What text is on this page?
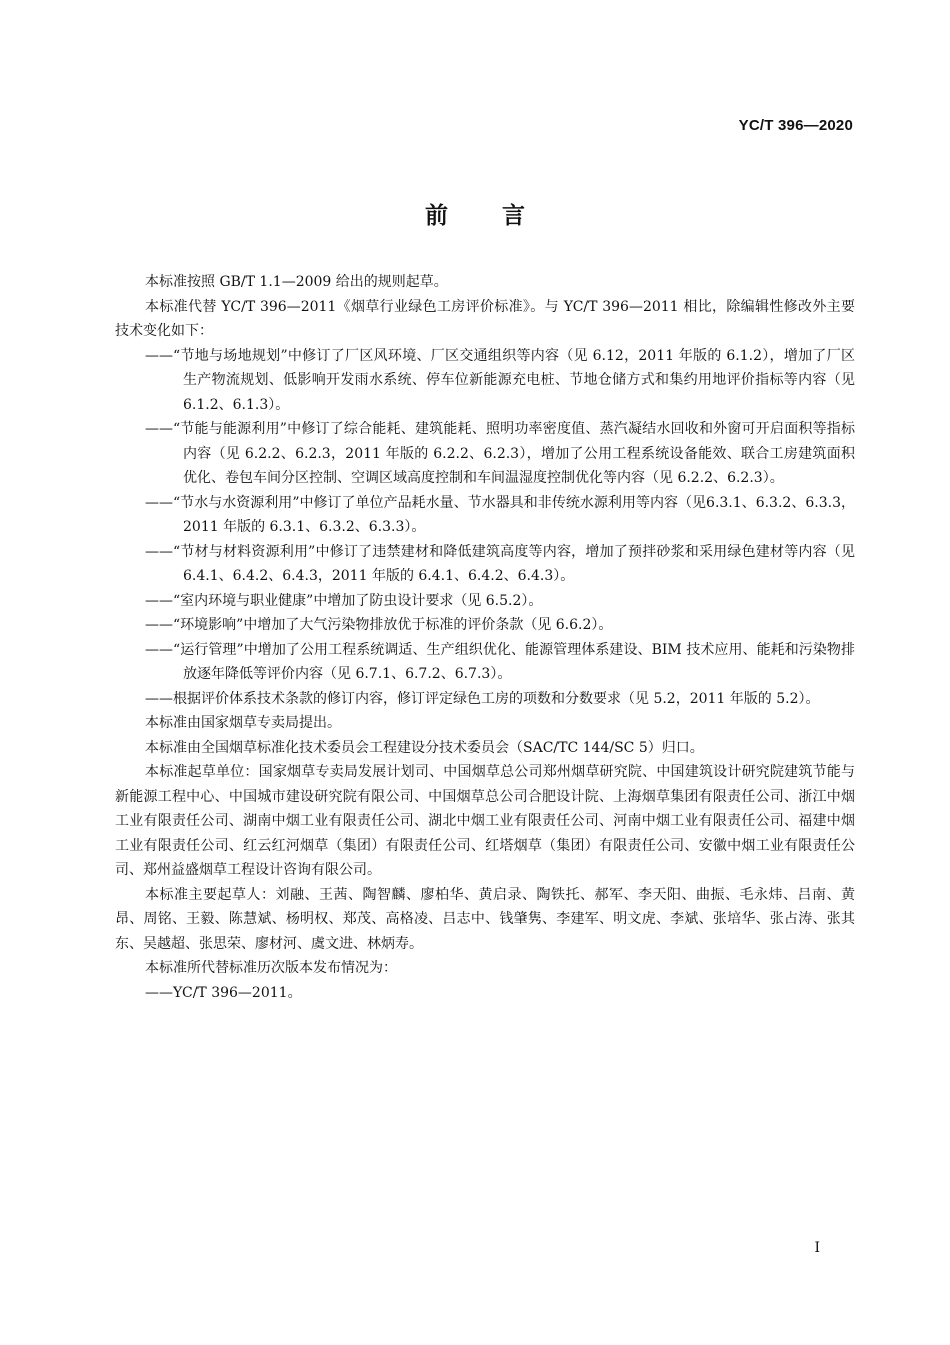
YC/T 396—2020
前言

本标准按照 GB/T 1.1—2009 给出的规则起草。

本标准代替 YC/T 396—2011《烟草行业绿色工房评价标准》。与 YC/T 396—2011 相比，除编辑性修改外主要技术变化如下：

——“节地与场地规划”中修订了厂区风环境、厂区交通组织等内容（见 6.12，2011 年版的 6.1.2），增加了厂区生产物流规划、低影响开发雨水系统、停车位新能源充电桩、节地仓储方式和集约用地评价指标等内容（见 6.1.2、6.1.3）。

——“节能与能源利用”中修订了综合能耗、建筑能耗、照明功率密度值、蒸汽凝结水回收和外窗可开启面积等指标内容（见 6.2.2、6.2.3，2011 年版的 6.2.2、6.2.3），增加了公用工程系统设备能效、联合工房建筑面积优化、卷包车间分区控制、空调区域高度控制和车间温湿度控制优化等内容（见 6.2.2、6.2.3）。

——“节水与水资源利用”中修订了单位产品耗水量、节水器具和非传统水源利用等内容（见6.3.1、6.3.2、6.3.3，2011 年版的 6.3.1、6.3.2、6.3.3）。

——“节材与材料资源利用”中修订了违禁建材和降低建筑高度等内容，增加了预拌砂浆和采用绿色建材等内容（见 6.4.1、6.4.2、6.4.3，2011 年版的 6.4.1、6.4.2、6.4.3）。

——“室内环境与职业健康”中增加了防虫设计要求（见 6.5.2）。

——“环境影响”中增加了大气污染物排放优于标准的评价条款（见 6.6.2）。

——“运行管理”中增加了公用工程系统调适、生产组织优化、能源管理体系建设、BIM 技术应用、能耗和污染物排放逐年降低等评价内容（见 6.7.1、6.7.2、6.7.3）。

——根据评价体系技术条款的修订内容，修订评定绿色工房的项数和分数要求（见 5.2，2011 年版的 5.2）。

本标准由国家烟草专卖局提出。

本标准由全国烟草标准化技术委员会工程建设分技术委员会（SAC/TC 144/SC 5）归口。

本标准起草单位：国家烟草专卖局发展计划司、中国烟草总公司郑州烟草研究院、中国建筑设计研究院建筑节能与新能源工程中心、中国城市建设研究院有限公司、中国烟草总公司合肥设计院、上海烟草集团有限责任公司、浙江中烟工业有限责任公司、湖南中烟工业有限责任公司、湖北中烟工业有限责任公司、河南中烟工业有限责任公司、福建中烟工业有限责任公司、红云红河烟草（集团）有限责任公司、红塔烟草（集团）有限责任公司、安徽中烟工业有限责任公司、郑州益盛烟草工程设计咨询有限公司。

本标准主要起草人：刘融、王茜、陶智麟、廖柏华、黄启录、陶铁托、郝军、李天阳、曲振、毛永炜、吕南、黄昂、周铭、王毅、陈慧斌、杨明权、郑茂、高格凌、吕志中、钱肇隽、李建军、明文虎、李斌、张培华、张占涛、张其东、吴越超、张思荣、廖材河、虞文进、林炳寿。

本标准所代替标准历次版本发布情况为：

——YC/T 396—2011。

I
